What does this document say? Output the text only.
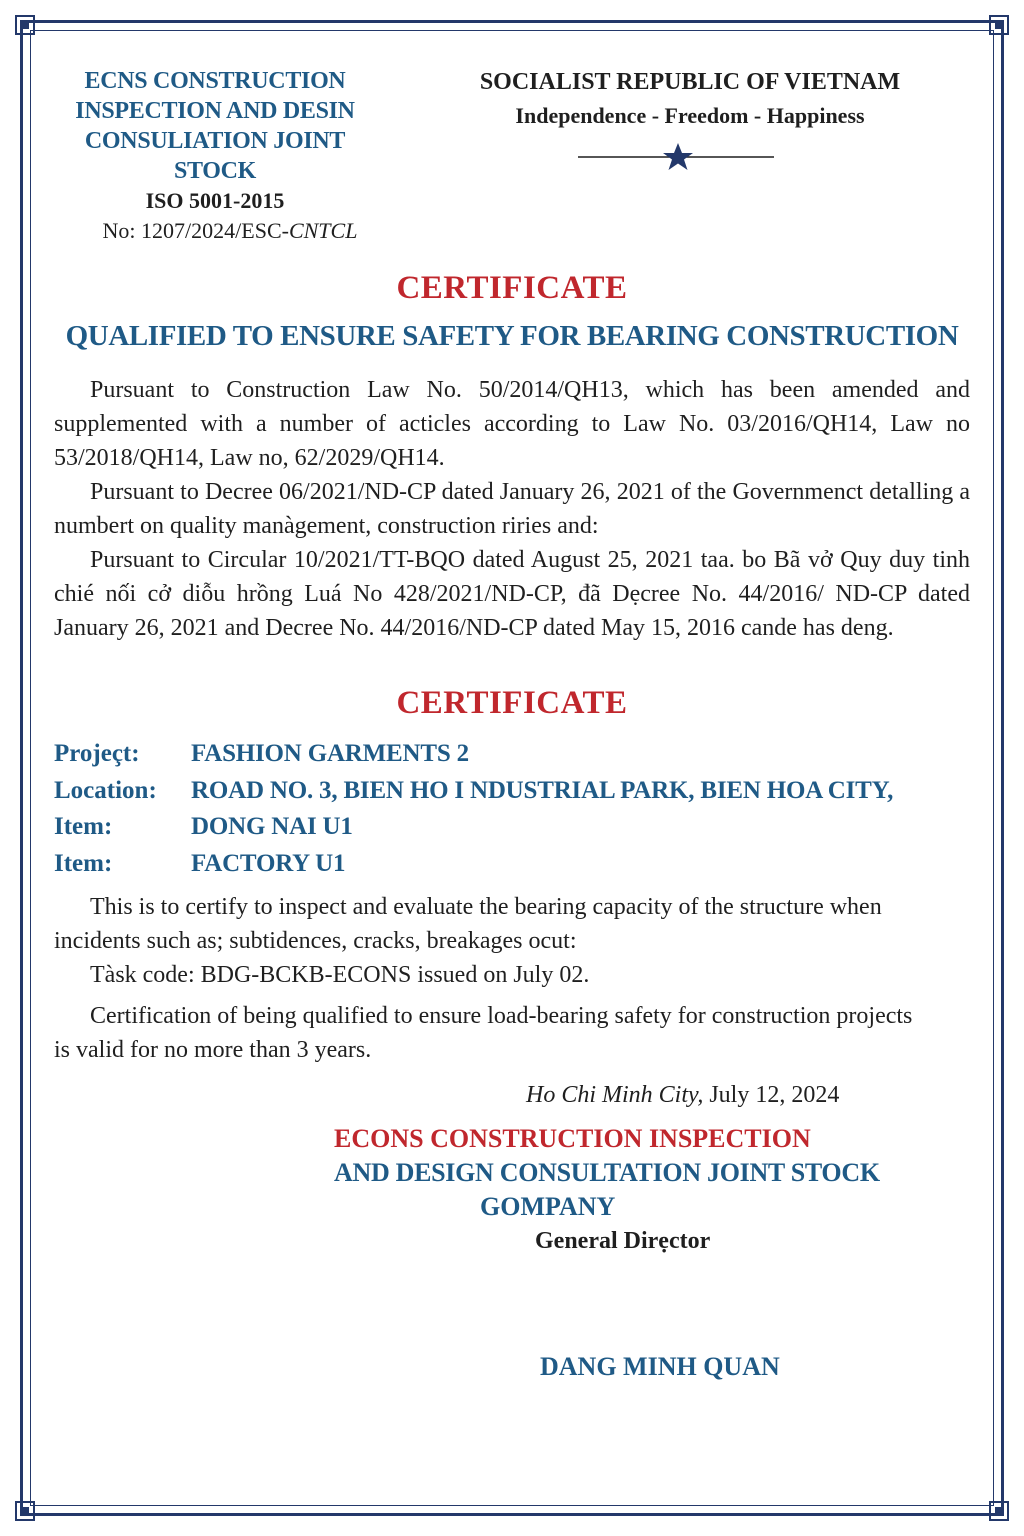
ECNS CONSTRUCTION
INSPECTION AND DESIN
CONSULIATION JOINT
STOCK
ISO 5001-2015
No: 1207/2024/ESC-CNTCL
SOCIALIST REPUBLIC OF VIETNAM
Independence - Freedom - Happiness
CERTIFICATE
QUALIFIED TO ENSURE SAFETY FOR BEARING CONSTRUCTION

Pursuant to Construction Law No. 50/2014/QH13, which has been amended and supplemented with a number of acticles according to Law No. 03/2016/QH14, Law no 53/2018/QH14, Law no, 62/2029/QH14.

Pursuant to Decree 06/2021/ND-CP dated January 26, 2021 of the Governmenct detalling a numbert on quality manàgement, construction riries and:

Pursuant to Circular 10/2021/TT-BQO dated August 25, 2021 taa. bo Bã vở Quy duy tinh chié nối cở diỗu hrồng Luá No 428/2021/ND-CP, đã Dẹcree No. 44/2016/ ND-CP dated January 26, 2021 and Decree No. 44/2016/ND-CP dated May 15, 2016 cande has deng.

CERTIFICATE
Projeçt:	FASHION GARMENTS 2
Location:	ROAD NO. 3, BIEN HO I NDUSTRIAL PARK, BIEN HOA CITY,
Item:	DONG NAI U1
Item:	FACTORY U1

This is to certify to inspect and evaluate the bearing capacity of the structure when incidents such as; subtidences, cracks, breakages ocut:

Tàsk code: BDG-BCKB-ECONS issued on July 02.

Certification of being qualified to ensure load-bearing safety for construction projects is valid for no more than 3 years.

Ho Chi Minh City, July 12, 2024
ECONS CONSTRUCTION INSPECTION
AND DESIGN CONSULTATION JOINT STOCK
GOMPANY
General Dirẹctor
DANG MINH QUAN
